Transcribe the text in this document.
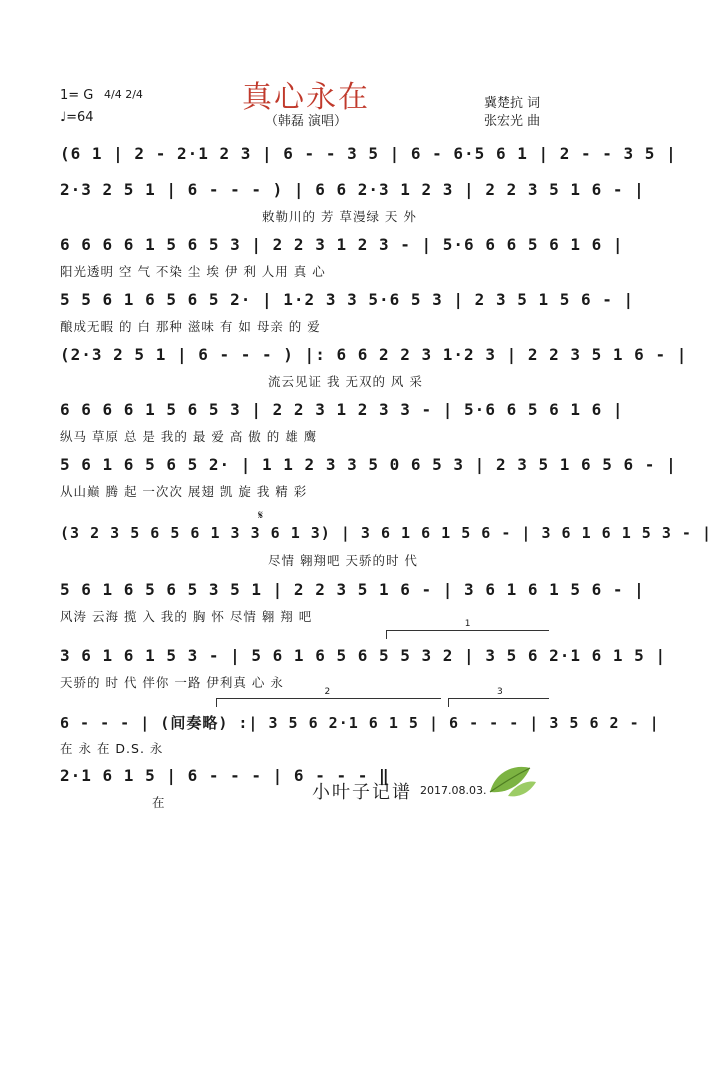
1= G 4/4 2/4
♩=64
真心永在
（韩磊 演唱）
冀楚抗 词
张宏光 曲
(6 1 | 2 - 2·1 2 3 | 6 - - 3 5 | 6 - 6·5 6 1 | 2 - - 3 5 |
2·3 2 5 1 | 6 - - - ) | 6 6 2·3 1 2 3 | 2 2 3 5 1 6 - |
敕勒川的 芳 草漫绿 天 外
6 6 6 6 1 5 6 5 3 | 2 2 3 1 2 3 - | 5·6 6 6 5 6 1 6 |
阳光透明 空 气 不染 尘 埃 伊 利 人用 真 心
5 5 6 1 6 5 6 5 2· | 1·2 3 3 5·6 5 3 | 2 3 5 1 5 6 - |
酿成无暇 的 白 那种 滋味 有 如 母亲 的 爱
(2·3 2 5 1 | 6 - - - ) |: 6 6 2 2 3 1·2 3 | 2 2 3 5 1 6 - |
流云见证 我 无双的 风 采
6 6 6 6 1 5 6 5 3 | 2 2 3 1 2 3 3 - | 5·6 6 5 6 1 6 |
纵马 草原 总 是 我的 最 爱 高 傲 的 雄 鹰
5 6 1 6 5 6 5 2· | 1 1 2 3 3 5 0 6 5 3 | 2 3 5 1 6 5 6 - |
从山巅 腾 起 一次次 展翅 凯 旋 我 精 彩
𝄋
(3 2 3 5 6 5 6 1 3 3 6 1 3) | 3 6 1 6 1 5 6 - | 3 6 1 6 1 5 3 - |
尽情 翱翔吧 天骄的时 代
5 6 1 6 5 6 5 3 5 1 | 2 2 3 5 1 6 - | 3 6 1 6 1 5 6 - |
风涛 云海 揽 入 我的 胸 怀 尽情 翱 翔 吧	1
3 6 1 6 1 5 3 - | 5 6 1 6 5 6 5 5 3 2 | 3 5 6 2·1 6 1 5 |
天骄的 时 代 伴你 一路 伊利真 心 永
2	3
6 - - - | (间奏略) :| 3 5 6 2·1 6 1 5 | 6 - - - | 3 5 6 2 - |
在 永 在 D.S. 永
2·1 6 1 5 | 6 - - - | 6 - - - ‖
在	小叶子记谱 2017.08.03.
